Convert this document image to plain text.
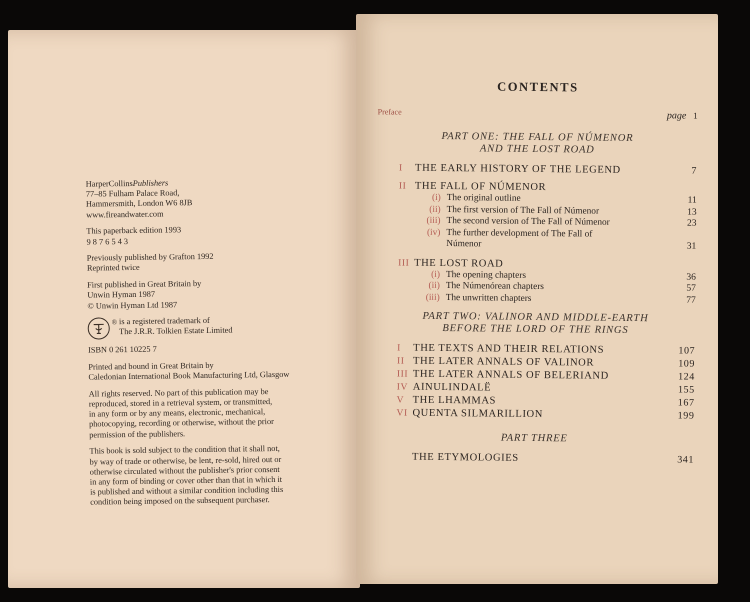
HarperCollinsPublishers
77–85 Fulham Palace Road,
Hammersmith, London W6 8JB
www.fireandwater.com
This paperback edition 1993
9 8 7 6 5 4 3
Previously published by Grafton 1992
Reprinted twice
First published in Great Britain by
Unwin Hyman 1987
© Unwin Hyman Ltd 1987
® is a registered trademark of
The J.R.R. Tolkien Estate Limited
ISBN 0 261 10225 7
Printed and bound in Great Britain by
Caledonian International Book Manufacturing Ltd, Glasgow
All rights reserved. No part of this publication may be
reproduced, stored in a retrieval system, or transmitted,
in any form or by any means, electronic, mechanical,
photocopying, recording or otherwise, without the prior
permission of the publishers.
This book is sold subject to the condition that it shall not,
by way of trade or otherwise, be lent, re-sold, hired out or
otherwise circulated without the publisher's prior consent
in any form of binding or cover other than that in which it
is published and without a similar condition including this
condition being imposed on the subsequent purchaser.
CONTENTS
Preface	page 1
PART ONE: THE FALL OF NÚMENOR
AND THE LOST ROAD
I	THE EARLY HISTORY OF THE LEGEND	7
II THE FALL OF NÚMENOR
(i) The original outline	11
(ii) The first version of The Fall of Númenor	13
(iii) The second version of The Fall of Númenor	23
(iv) The further development of The Fall of
Númenor	31
III THE LOST ROAD
(i) The opening chapters	36
(ii) The Númenórean chapters	57
(iii) The unwritten chapters	77
PART TWO: VALINOR AND MIDDLE-EARTH
BEFORE THE LORD OF THE RINGS
I	THE TEXTS AND THEIR RELATIONS	107
II THE LATER ANNALS OF VALINOR	109
III THE LATER ANNALS OF BELERIAND	124
IV AINULINDALË	155
V THE LHAMMAS	167
VI QUENTA SILMARILLION	199
PART THREE
THE ETYMOLOGIES	341
